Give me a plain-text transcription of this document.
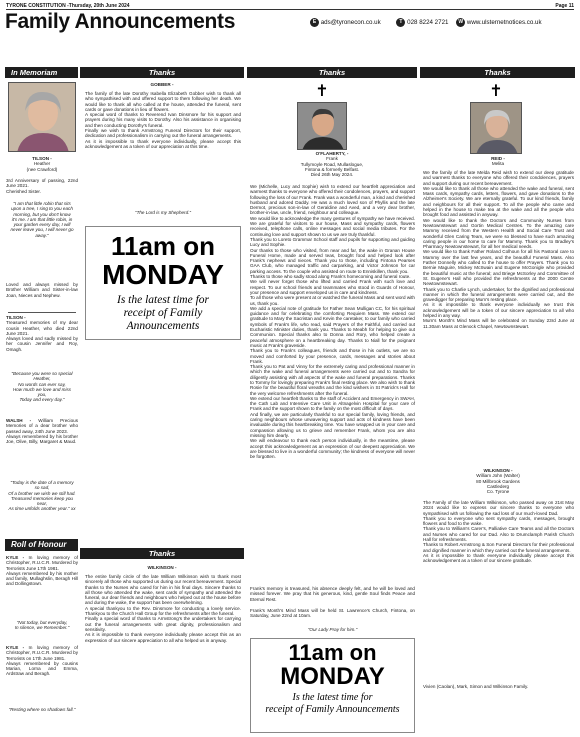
TYRONE CONSTITUTION -Thursday, 20th June 2024	Page 11
Family Announcements	E ads@tyronecon.co.uk	T 028 8224 2721 W www.ulsternetnotices.co.uk
In Memoriam	Thanks	Thanks	Thanks
Roll of Honour
Thanks
TILSON -
Heather
(nee Crawford)
3rd Anniversary of passing, 22nd June 2021.
Cherished Sister.
"I am that little robin that sits upon a tree, I sing to you each morning, but you don't know it's me. I am that little robin, in your garden every day, I will never leave you, I will never go away."
Loved and always missed by Brother William and Sister-in-law Joan, Nieces and Nephew.
TILSON -
Treasured memories of my dear cousin Heather, who died 22nd June 2021.
Always loved and sadly missed by her cousin Jennifer and Roy, Omagh.
"Because you were so special Heather,
No words can ever say,
How much we love and miss you,
Today and every day."
WALSH - William Precious Memories of a dear brother who passed away, 24th June 2023.
Always remembered by his brother Joe, Olive, Billy, Margaret & Maud.
"Today is the date of a memory so sad,
Of a brother we wish we still had.
Treasured memories keep you near,
As time unfolds another year." xx
KYLE - In loving memory of Christopher, R.U.C.R. Murdered by Terrorists June 17th 1981.
Always remembered by his mother and family, Mullaghslin, Beragh Hill and Dollingstown.
"Not today, but everyday,
In silence, we Remember."
KYLE - In loving memory of Christopher, R.U.C.R. Murdered by Terrorists on 17th June 1981.
Always remembered by cousins Marian, Lorna and Emma, Ardstraw and Beragh.
"Resting where no shadows fall."
GOBBER -
The family of the late Dorothy Isabella Elizabeth Gobber wish to thank all who sympathised with and offered support to them following her death. We would like to thank all who called at the house, attended the funeral, sent cards or gave donations in lieu of flowers.
A special word of thanks to Reverend Ivan Dinsmore for his support and prayers during his many visits to Dorothy. Also his assistance in organising and then conducting Dorothy's funeral.
Finally we wish to thank Armstrong Funeral Directors for their support, dedication and professionalism in carrying out the funeral arrangements.
As it is impossible to thank everyone individually, please accept this acknowledgement as a token of our appreciation at this time.
"The Lord is my Shepherd."
11am on
MONDAY
Is the latest time for
receipt of Family Announcements
WILKINSON -
The entire family circle of the late William Wilkinson wish to thank most sincerely all those who supported us during our recent bereavement. Special thanks to the Nurses who cared for him in his final days. Sincere thanks to all those who attended the wake, sent cards of sympathy and attended the funeral, our dear friends and neighbours who helped out at the house before and during the wake, the support has been overwhelming.
A special thankyou to the Rev. Dinsmore for conducting a lovely service. Thankyou to the Church Hall Group for the refreshments after the funeral.
Finally a special word of thanks to Armstrong's the undertakers for carrying out the funeral arrangements with great dignity, professionalism and sensitivity.
As it is impossible to thank everyone individually please accept this as an expression of our sincere appreciation to all who helped us in anyway.
✝
O'FLAHERTY, -
Frank
Tullymoyle Road, Mullaslogue,
Fintona & formerly Belfast.
Died 26th May 2024.
We (Michelle, Lucy and Sophie) wish to extend our heartfelt appreciation and warmest thanks to everyone who offered their condolences, prayers, and support following the loss of our Frank. Frank was a wonderful man, a kind and cherished husband and adored Daddy. He was a much loved son of Phyllis and the late Dermot, precious son-in-law of Geraldine and Aved, and a very dear brother, brother-in-law, uncle, friend, neighbour and colleague.
We would like to acknowledge the many gestures of sympathy we have received. We are grateful for visitors to our house, Mass and sympathy cards, flowers received, telephone calls, online messages and social media tributes. For the continuing love and support shown to us we are truly thankful.
Thank you to Loreto Grammar School staff and pupils for supporting and guiding Lucy and Sophie.
Our thanks to those who visited, from near and far, the wake in Granan House Funeral Home, made and served teas, brought food and helped look after Frank's nephews and nieces. Thank you to those, including Fintona Pearses GAA Club, who managed traffic and carparking, and Victor Johnson for car parking access. To the couple who assisted on route to Enniskillen, thank you.
Thanks to those who sadly stood along Frank's homecoming and funeral route.
We will never forget those who lifted and carried Frank with such love and respect. To our school friends and teammates who stood in Guards of Honour, your presence and support enveloped us in care and kindness.
To all those who were present at or watched the funeral Mass and sent word with us, thank you.
We add a special note of gratitude for Father Sean Mulligan CC, for his spiritual guidance and for celebrating the comforting Requiem Mass. We extend our gratitude to Mary the Sacristan and Kevin the caretaker, to our family who carried symbols of Frank's life, who read, said Prayers of the Faithful, and carried out Eucharistic Minister duties, thank you. Thanks to Meabh for helping to give out Communion. Special thanks also to Donna and Rory, who helped create a peaceful atmosphere on a heartbreaking day. Thanks to Niall for the poignant music at Frank's graveside.
Thank you to Frank's colleagues, friends and those in his outlets, we are so moved and comforted by your presence, cards, messages and stories about Frank.
Thank you to Pat and Vinny for the extremely caring and professional manner in which the wake and funeral arrangements were carried out and to Sandra for diligently assisting with all aspects of the wake and funeral preparations. Thanks to Tommy for lovingly preparing Frank's final resting place. We also wish to thank Rosie for the beautiful floral wreaths and the kind wishers in St Patrick's Hall for the very welcome refreshments after the funeral.
We extend our heartfelt thanks to the staff of Accident and Emergency in SWAH, the Cath Lab and Intensive Care Unit in Altnagelvin Hospital for your care of Frank and the support shown to the family on the most difficult of days.
And finally, we are particularly thankful to our special family, loving friends, and caring neighbours whose unwavering support and acts of kindness have been invaluable during this heartbreaking time. You have wrapped us in your care and compassion allowing us to grieve and remember Frank, whom you are also missing him dearly.
We will endeavour to thank each person individually, in the meantime, please accept this acknowledgement as an expression of our deepest appreciation. We are blessed to live in a wonderful community; the kindness of everyone will never be forgotten.
Frank's memory is treasured, his absence deeply felt, and he will be loved and missed forever. We pray that his generous, kind, gentle Soul finds Peace and Eternal Rest.
Frank's Month's Mind Mass will be held St. Lawrence's Church, Fintona, on Saturday, June 22nd at 10am.
"Our Lady Pray for him."
11am on
MONDAY
Is the latest time for
receipt of Family Announcements
✝
REID -
Melita
We the family of the late Melda Reid wish to extend our deep gratitude and warmest thanks to everyone who offered their condolences, prayers and support during our recent bereavement.
We would like to thank all those who attended the wake and funeral, sent Mass cards, sympathy cards, letters, flowers, and gave donations to the Alzheimer's Society. We are eternally grateful. To our kind friends, family and neighbours for all their support. To all the people who came and helped in the house to make tea at the wake and all the people who brought food and assisted in anyway.
We would like to thank the Doctors and Community Nurses from Newtownstewart and Gortin Medical Centres. To the amazing care Mammy received from the Western Health and Social Care Trust and wonderful Glen Caring Team, we were so blessed to have such amazing caring people in our home to care for Mammy. Thank you to Bradley's Pharmacy Newtownstewart, for all her medical needs.
We would like to thank Father Roland Colhoun for all his Pastoral care to Mammy over the last few years, and the beautiful Funeral Mass. Also Father Donnelly who called to the house to offer Prayers. Thank you to Bernie Maguire, Mickey McSwain and Eugene McGonigle who provided the beautiful music at the funeral; and Briege McSorley and Committee of St. Eugene's Hall who provided the refreshments at the 2000 Centre Newtownstewart.
Thank you to Charlie Lynch, undertaker, for the dignified and professional manner in which the funeral arrangements were carried out, and the gravedigger for preparing Mum's resting place.
As it is impossible to thank everyone individually we trust this acknowledgement will be a token of our sincere appreciation to all who helped in any way.
Mum's Month's Mind Mass will be celebrated on Sunday 23rd June at 11.30am Mass at Glenock Chapel, Newtownstewart.
WILKINSON -
William John (Walter)
80 Millbrook Gardens
Castlederg
Co. Tyrone
The Family of the late William Wilkinson, who passed away on 21st May 2024 would like to express our sincere thanks to everyone who sympathised with us following the sad loss of our much-loved Dad.
Thank you to everyone who sent sympathy cards, messages, brought flowers and food to the wake.
Thank you to William's Carer's, Palliative Care Teams and all the Doctors and Nurses who cared for our Dad. Also to Drumclamph Parish Church Hall for refreshments.
Thanks to Robert Armstrong & Son Funeral Directors for their professional and dignified manner in which they carried out the funeral arrangements.
As it is impossible to thank everyone individually please accept this acknowledgement as a token of our sincere gratitude.
Vivien (Caolan), Mark, Simon and Wilkinson Family.
